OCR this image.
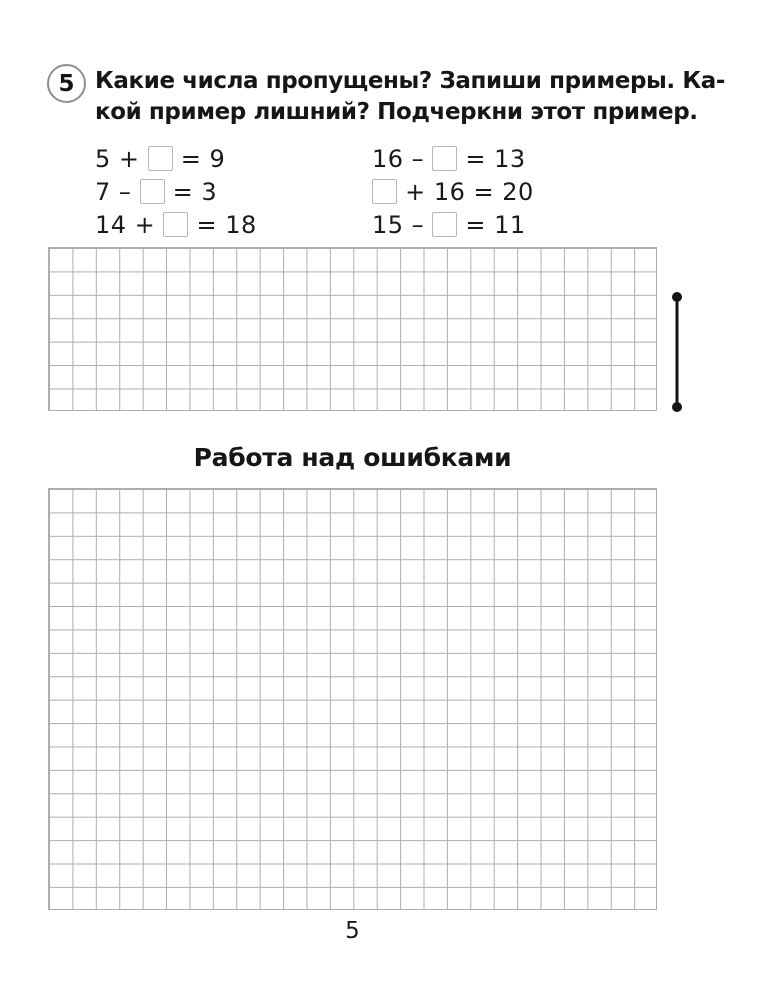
5 Какие числа пропущены? Запиши примеры. Ка-
кой пример лишний? Подчеркни этот пример.
5 + = 9
7 – = 3
14 + = 18
16 – = 13
+ 16 = 20
15 – = 11
Работа над ошибками
5
